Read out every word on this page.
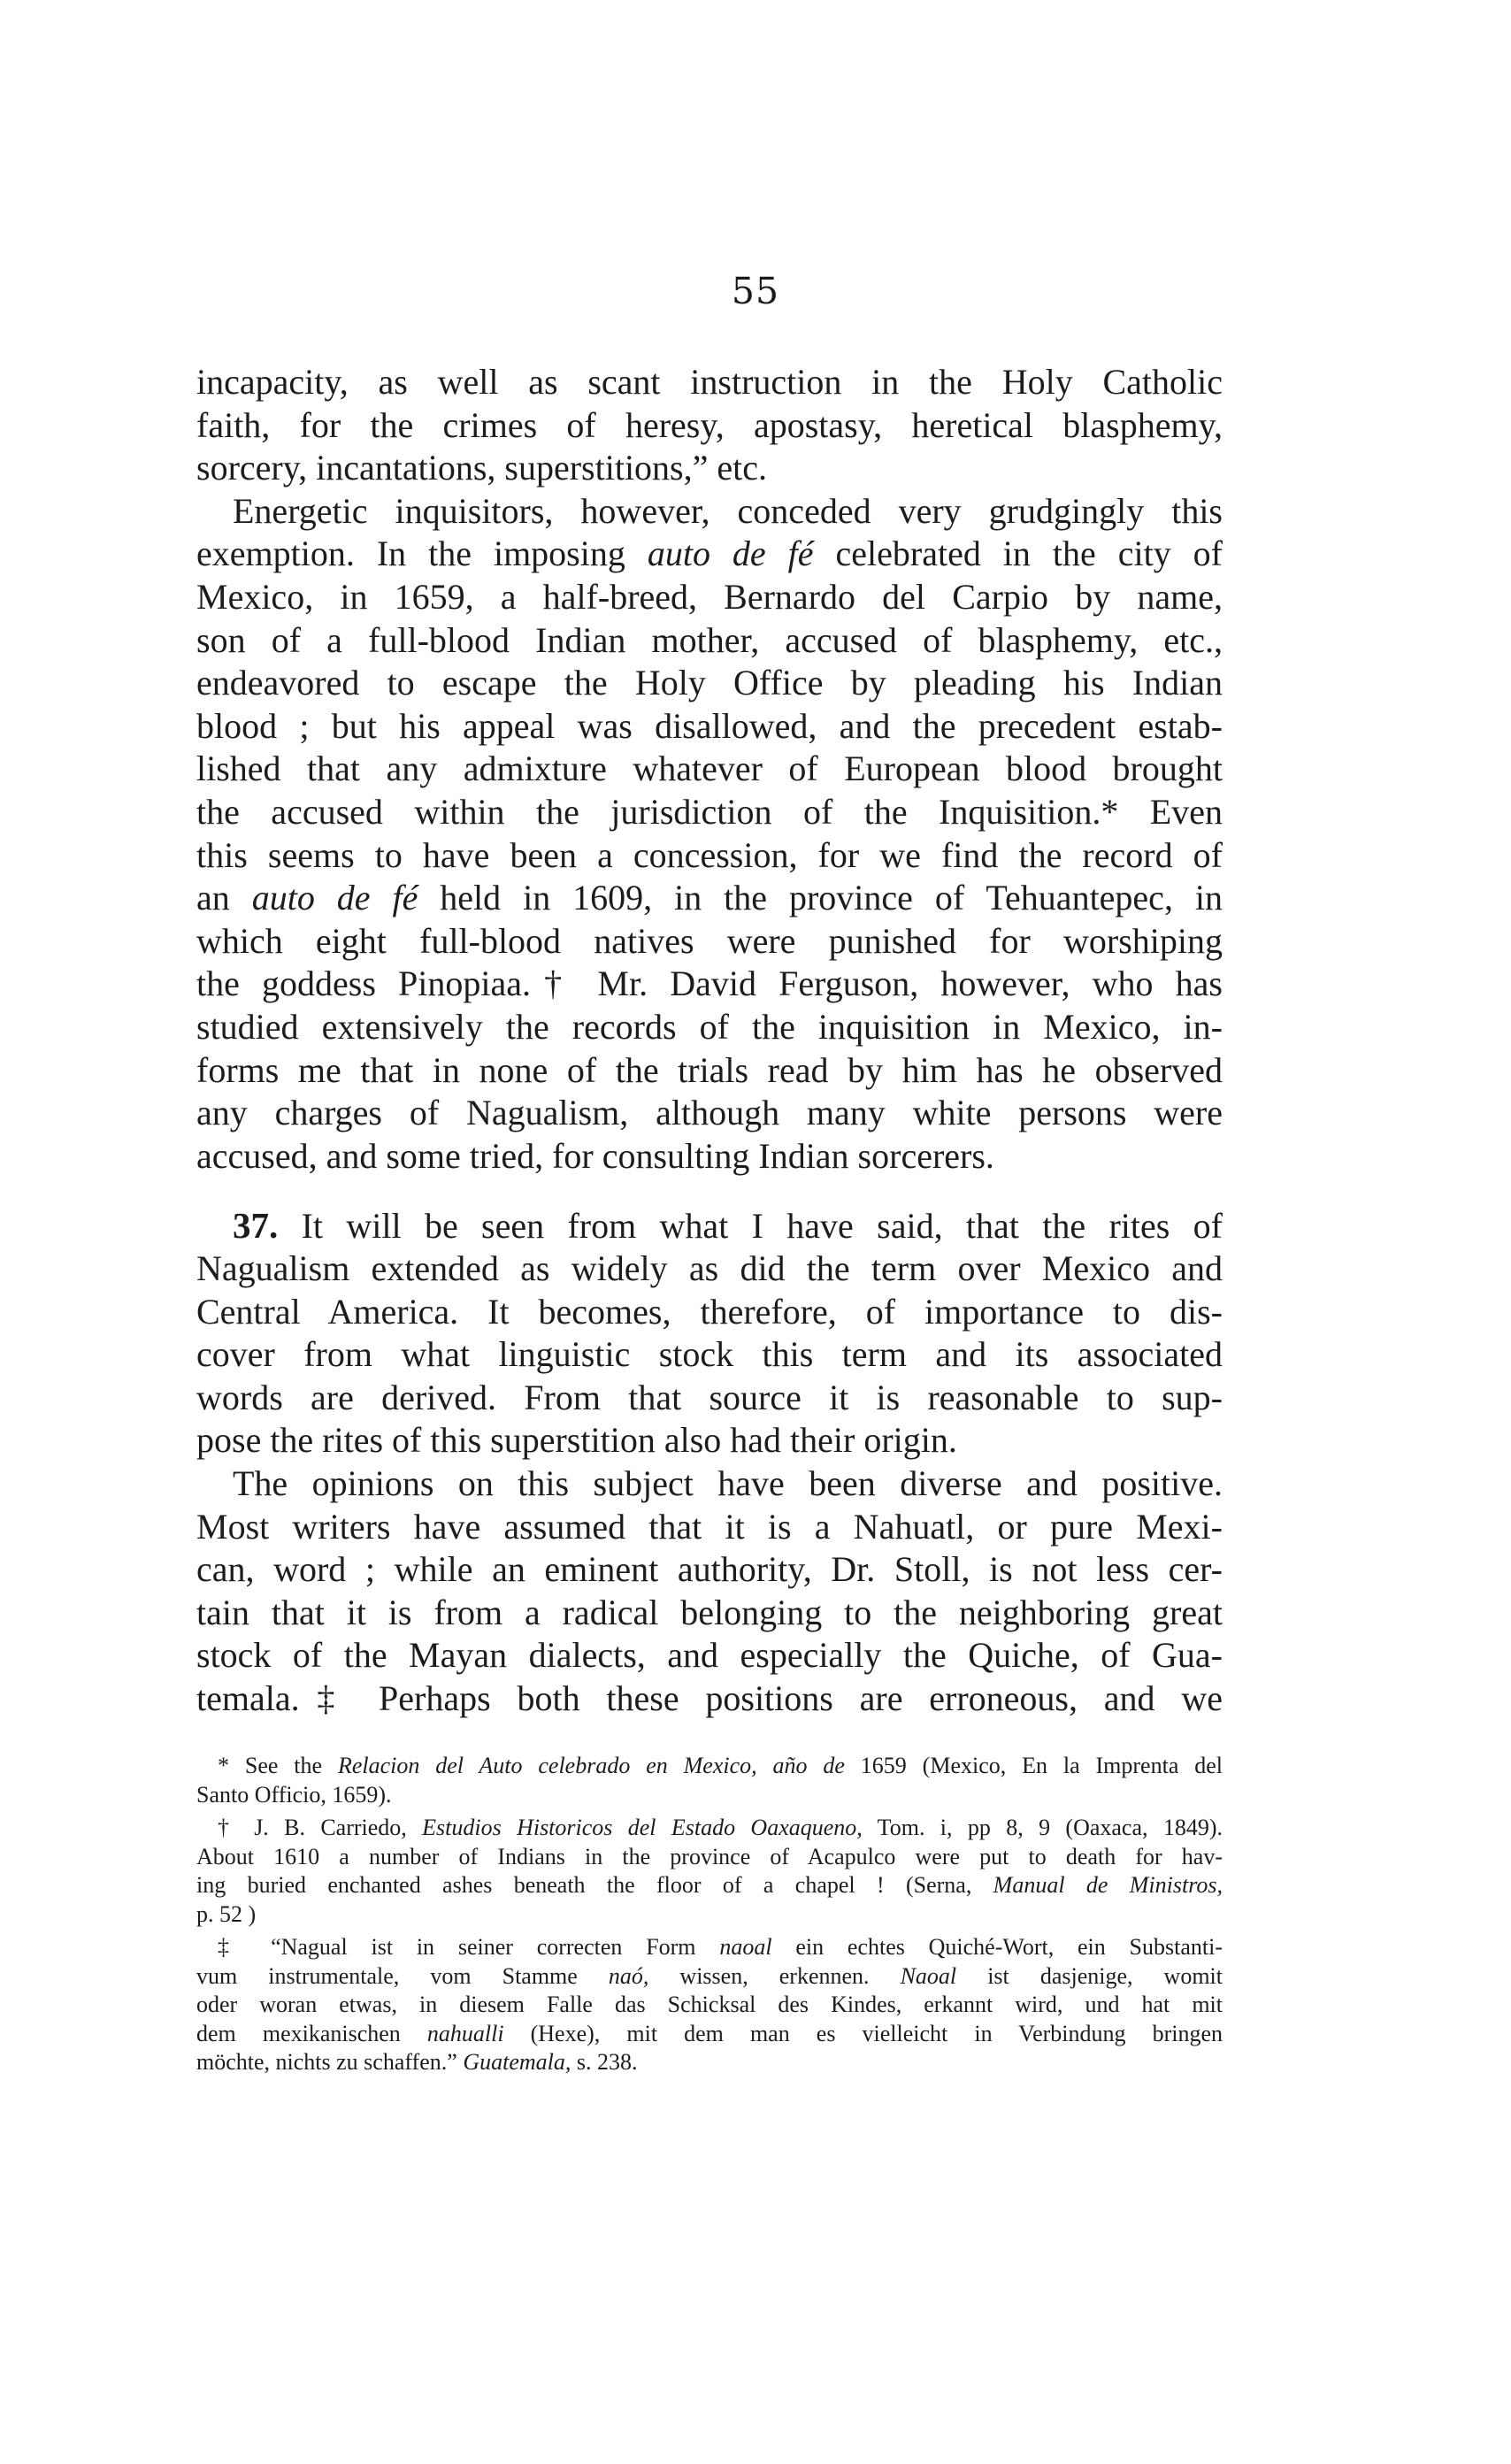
55
incapacity, as well as scant instruction in the Holy Catholic
faith, for the crimes of heresy, apostasy, heretical blasphemy,
sorcery, incantations, superstitions,” etc.
Energetic inquisitors, however, conceded very grudgingly this
exemption. In the imposing auto de fé celebrated in the city of
Mexico, in 1659, a half-breed, Bernardo del Carpio by name,
son of a full-blood Indian mother, accused of blasphemy, etc.,
endeavored to escape the Holy Office by pleading his Indian
blood ; but his appeal was disallowed, and the precedent estab-
lished that any admixture whatever of European blood brought
the accused within the jurisdiction of the Inquisition.* Even
this seems to have been a concession, for we find the record of
an auto de fé held in 1609, in the province of Tehuantepec, in
which eight full-blood natives were punished for worshiping
the goddess Pinopiaa.† Mr. David Ferguson, however, who has
studied extensively the records of the inquisition in Mexico, in-
forms me that in none of the trials read by him has he observed
any charges of Nagualism, although many white persons were
accused, and some tried, for consulting Indian sorcerers.
37. It will be seen from what I have said, that the rites of
Nagualism extended as widely as did the term over Mexico and
Central America. It becomes, therefore, of importance to dis-
cover from what linguistic stock this term and its associated
words are derived. From that source it is reasonable to sup-
pose the rites of this superstition also had their origin.
The opinions on this subject have been diverse and positive.
Most writers have assumed that it is a Nahuatl, or pure Mexi-
can, word ; while an eminent authority, Dr. Stoll, is not less cer-
tain that it is from a radical belonging to the neighboring great
stock of the Mayan dialects, and especially the Quiche, of Gua-
temala.‡ Perhaps both these positions are erroneous, and we
* See the Relacion del Auto celebrado en Mexico, año de 1659 (Mexico, En la Imprenta del
Santo Officio, 1659).
† J. B. Carriedo, Estudios Historicos del Estado Oaxaqueno, Tom. i, pp 8, 9 (Oaxaca, 1849).
About 1610 a number of Indians in the province of Acapulco were put to death for hav-
ing buried enchanted ashes beneath the floor of a chapel ! (Serna, Manual de Ministros,
p. 52 )
‡ “Nagual ist in seiner correcten Form naoal ein echtes Quiché-Wort, ein Substanti-
vum instrumentale, vom Stamme naó, wissen, erkennen. Naoal ist dasjenige, womit
oder woran etwas, in diesem Falle das Schicksal des Kindes, erkannt wird, und hat mit
dem mexikanischen nahualli (Hexe), mit dem man es vielleicht in Verbindung bringen
möchte, nichts zu schaffen.” Guatemala, s. 238.
